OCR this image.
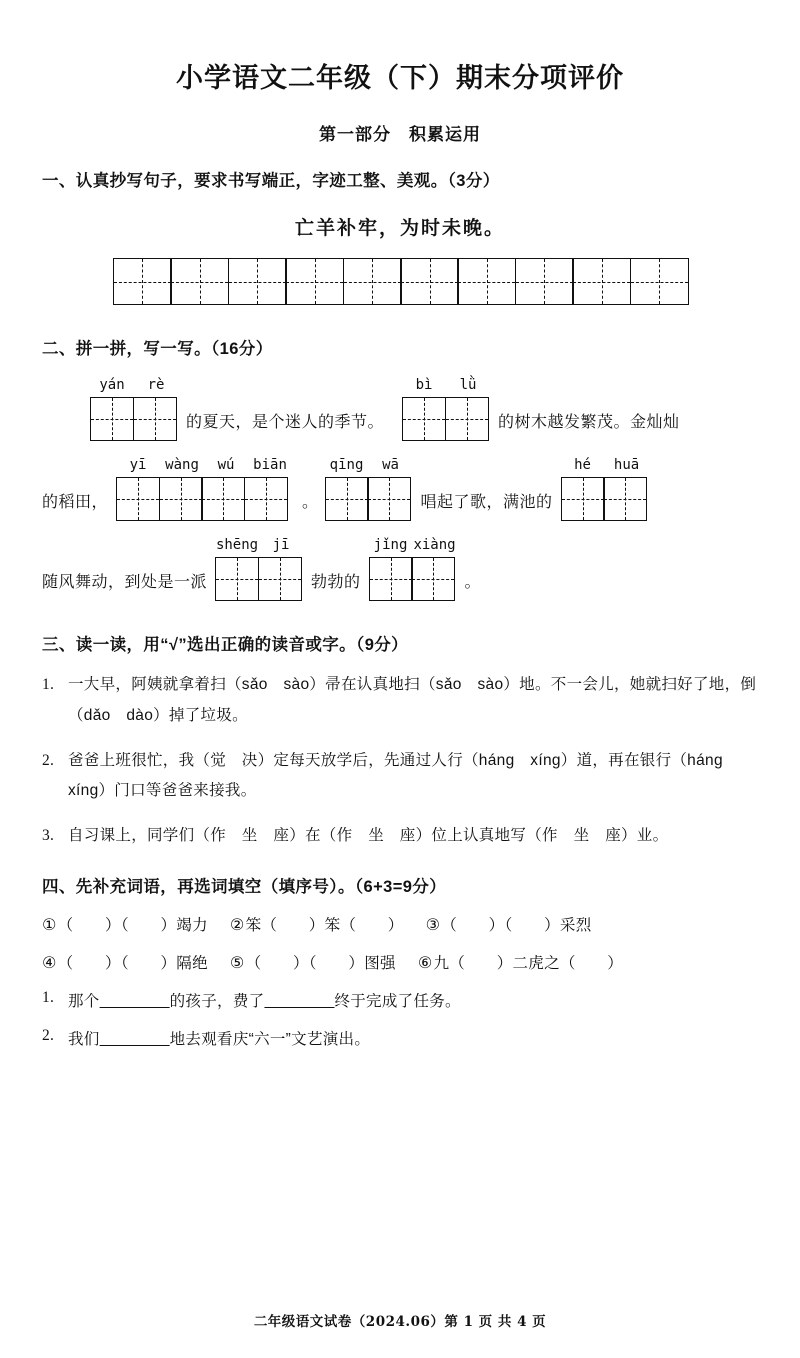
小学语文二年级（下）期末分项评价
第一部分　积累运用
一、认真抄写句子，要求书写端正，字迹工整、美观。（3分）
亡羊补牢，为时未晚。
二、拼一拼，写一写。（16分）
yán	rè
的夏天，是个迷人的季节。
bì	lǜ
的树木越发繁茂。金灿灿
的稻田，
yī	wàng	wú	biān
。
qīng	wā
唱起了歌，满池的
hé	huā
随风舞动，到处是一派
shēng	jī
勃勃的
jǐng xiàng
。
三、读一读，用“√”选出正确的读音或字。（9分）
1. 一大早，阿姨就拿着扫（sǎo　sào）帚在认真地扫（sǎo　sào）地。不一会儿，她就扫好了地，倒（dǎo　dào）掉了垃圾。
2. 爸爸上班很忙，我（觉　决）定每天放学后，先通过人行（háng　xíng）道，再在银行（háng　xíng）门口等爸爸来接我。
3. 自习课上，同学们（作　坐　座）在（作　坐　座）位上认真地写（作　坐　座）业。
四、先补充词语，再选词填空（填序号）。（6+3=9分）
①（　　）（　　）竭力 ②笨（　　）笨（　　） ③（　　）（　　）采烈
④（　　）（　　）隔绝 ⑤（　　）（　　）图强 ⑥九（　　）二虎之（　　）
1. 那个　　　　	的孩子，费了　　　　	终于完成了任务。
2. 我们　　　　	地去观看庆“六一”文艺演出。
二年级语文试卷（2024.06）第 1 页 共 4 页
